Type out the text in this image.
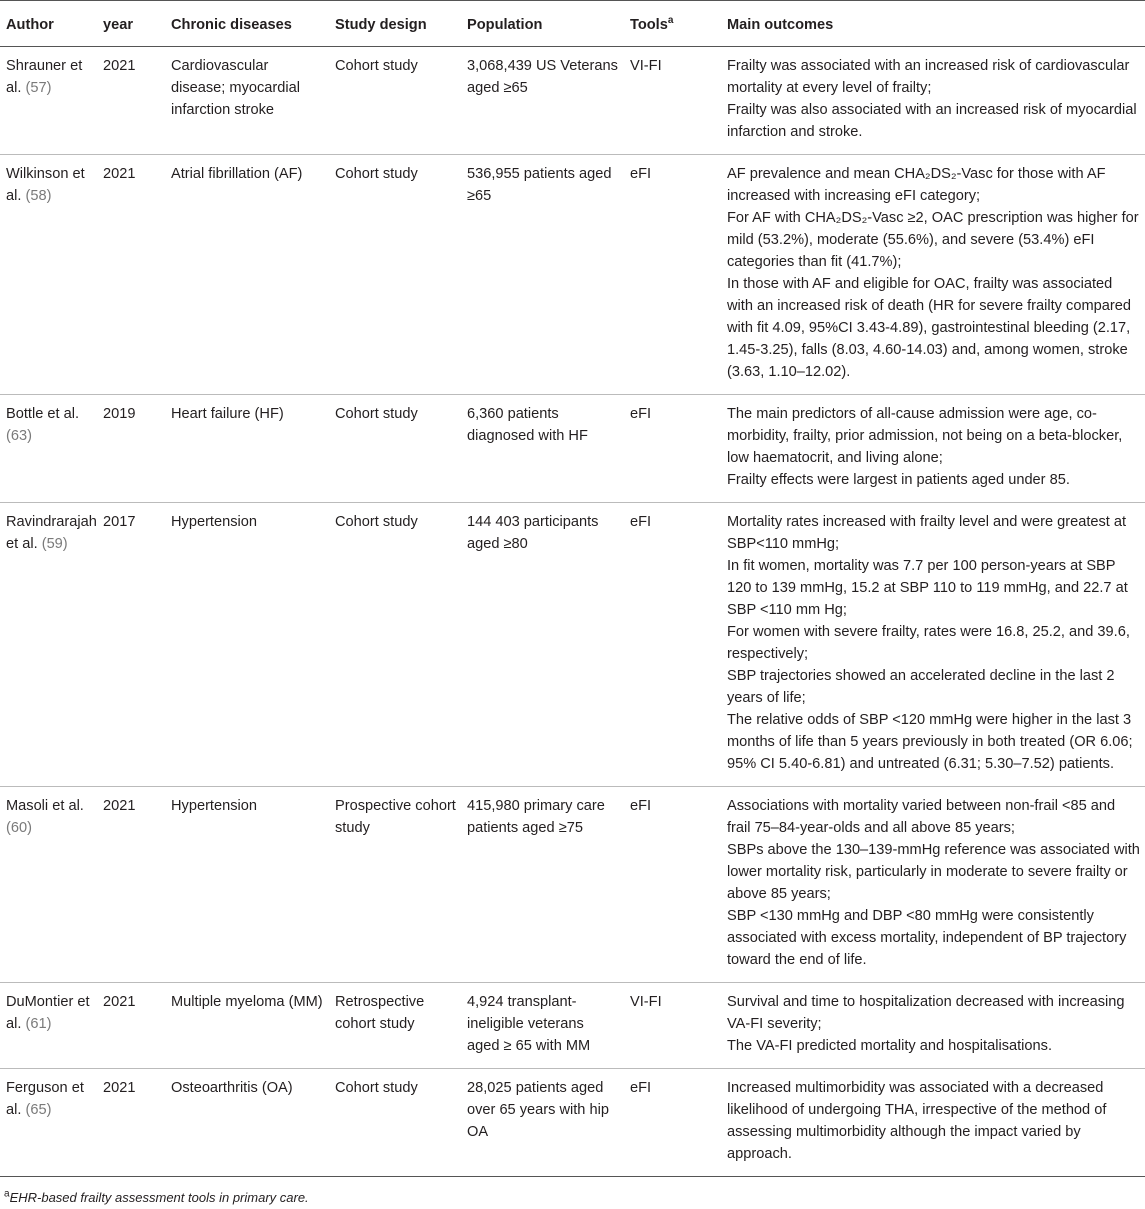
Author	year	Chronic diseases	Study design	Population	Tools$^a$	Main outcomes
Shrauner et al. (57)	2021	Cardiovascular disease; myocardial infarction stroke	Cohort study	3,068,439 US Veterans aged ≥65	VI-FI	Frailty was associated with an increased risk of cardiovascular mortality at every level of frailty;
Frailty was also associated with an increased risk of myocardial infarction and stroke.

Wilkinson et al. (58)	2021	Atrial fibrillation (AF)	Cohort study	536,955 patients aged ≥65	eFI	AF prevalence and mean CHA₂DS₂-Vasc for those with AF increased with increasing eFI category;
For AF with CHA₂DS₂-Vasc ≥2, OAC prescription was higher for mild (53.2%), moderate (55.6%), and severe (53.4%) eFI categories than fit (41.7%);
In those with AF and eligible for OAC, frailty was associated with an increased risk of death (HR for severe frailty compared with fit 4.09, 95%CI 3.43-4.89), gastrointestinal bleeding (2.17, 1.45-3.25), falls (8.03, 4.60-14.03) and, among women, stroke (3.63, 1.10–12.02).

Bottle et al. (63)	2019	Heart failure (HF)	Cohort study	6,360 patients diagnosed with HF	eFI	The main predictors of all-cause admission were age, co-morbidity, frailty, prior admission, not being on a beta-blocker, low haematocrit, and living alone;
Frailty effects were largest in patients aged under 85.

Ravindrarajah et al. (59)	2017	Hypertension	Cohort study	144 403 participants aged ≥80	eFI	Mortality rates increased with frailty level and were greatest at SBP<110 mmHg;
In fit women, mortality was 7.7 per 100 person-years at SBP 120 to 139 mmHg, 15.2 at SBP 110 to 119 mmHg, and 22.7 at SBP <110 mm Hg;
For women with severe frailty, rates were 16.8, 25.2, and 39.6, respectively;
SBP trajectories showed an accelerated decline in the last 2 years of life;
The relative odds of SBP <120 mmHg were higher in the last 3 months of life than 5 years previously in both treated (OR 6.06; 95% CI 5.40-6.81) and untreated (6.31; 5.30–7.52) patients.

Masoli et al. (60)	2021	Hypertension	Prospective cohort study	415,980 primary care patients aged ≥75	eFI	Associations with mortality varied between non-frail <85 and frail 75–84-year-olds and all above 85 years;
SBPs above the 130–139-mmHg reference was associated with lower mortality risk, particularly in moderate to severe frailty or above 85 years;
SBP <130 mmHg and DBP <80 mmHg were consistently associated with excess mortality, independent of BP trajectory toward the end of life.

DuMontier et al. (61)	2021	Multiple myeloma (MM)	Retrospective cohort study	4,924 transplant-ineligible veterans aged ≥ 65 with MM	VI-FI	Survival and time to hospitalization decreased with increasing VA-FI severity;
The VA-FI predicted mortality and hospitalisations.

Ferguson et al. (65)	2021	Osteoarthritis (OA)	Cohort study	28,025 patients aged over 65 years with hip OA	eFI	Increased multimorbidity was associated with a decreased likelihood of undergoing THA, irrespective of the method of assessing multimorbidity although the impact varied by approach.
$^a$EHR-based frailty assessment tools in primary care.
